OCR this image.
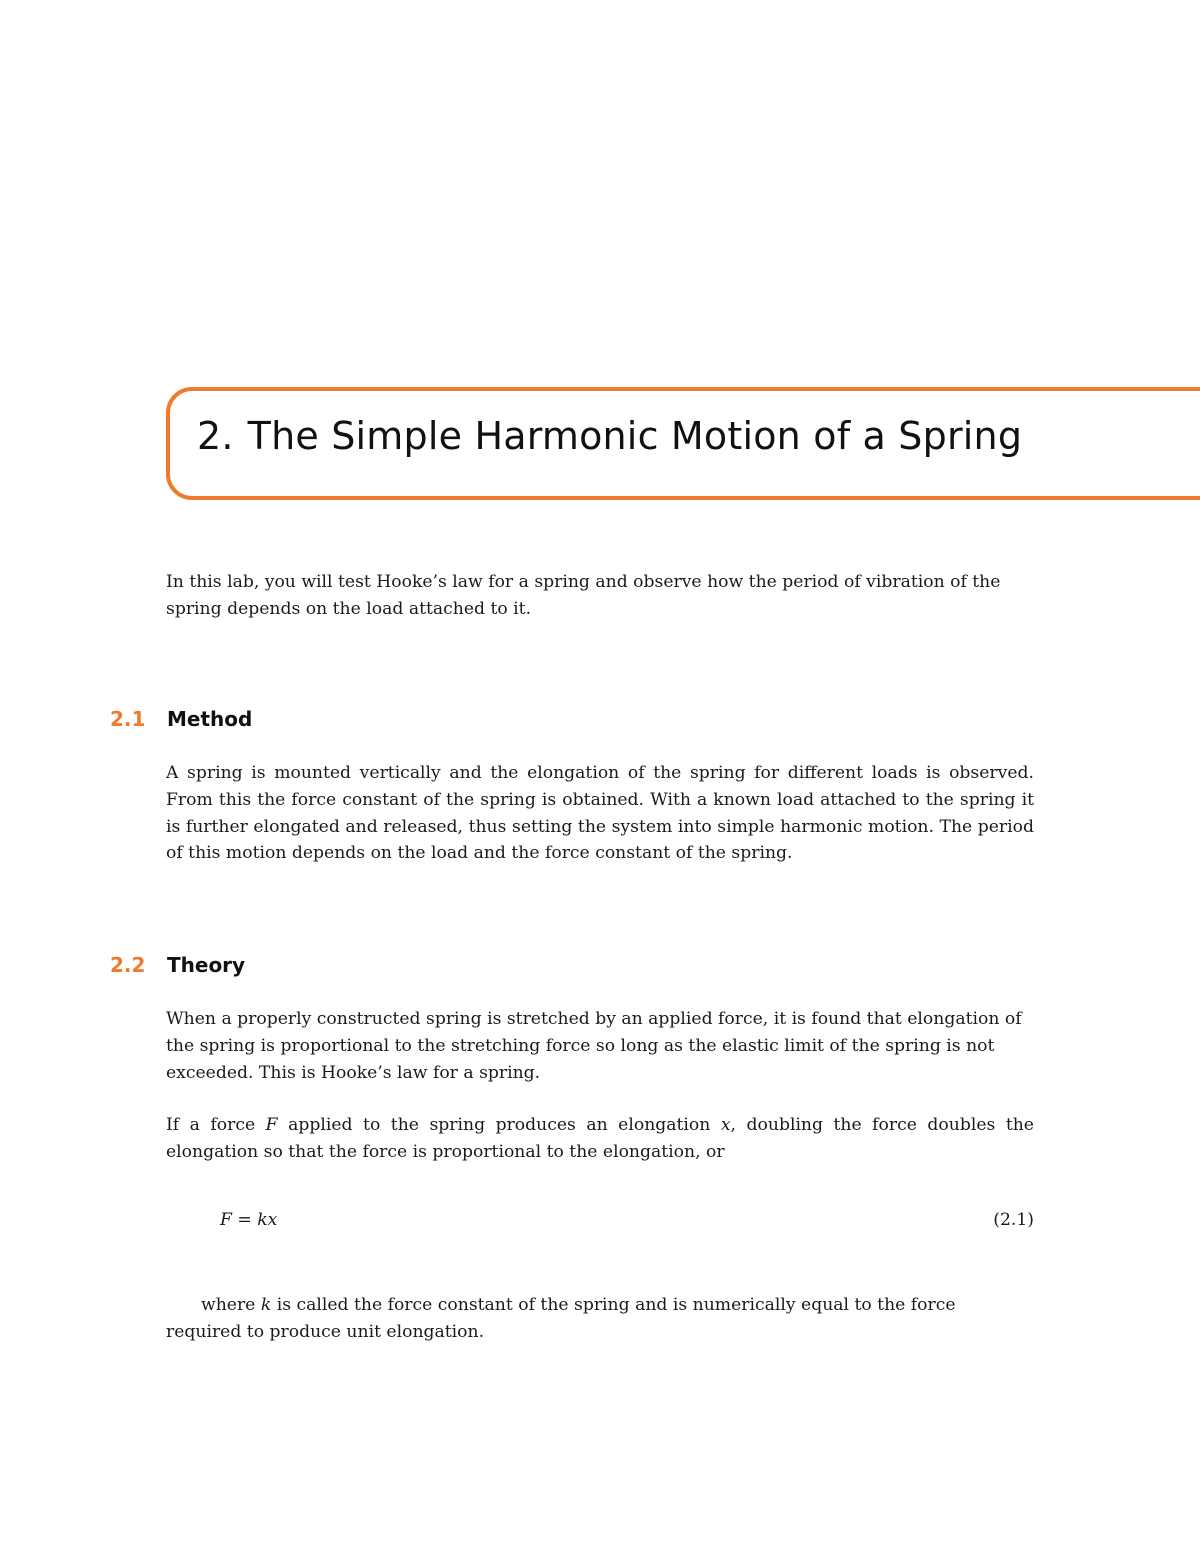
2. The Simple Harmonic Motion of a Spring

In this lab, you will test Hooke’s law for a spring and observe how the period of vibration of the spring depends on the load attached to it.

2.1 Method

A spring is mounted vertically and the elongation of the spring for different loads is observed. From this the force constant of the spring is obtained. With a known load attached to the spring it is further elongated and released, thus setting the system into simple harmonic motion. The period of this motion depends on the load and the force constant of the spring.

2.2 Theory

When a properly constructed spring is stretched by an applied force, it is found that elongation of the spring is proportional to the stretching force so long as the elastic limit of the spring is not exceeded. This is Hooke’s law for a spring.

If a force F applied to the spring produces an elongation x, doubling the force doubles the elongation so that the force is proportional to the elongation, or

F = kx	(2.1)

where k is called the force constant of the spring and is numerically equal to the force required to produce unit elongation.
